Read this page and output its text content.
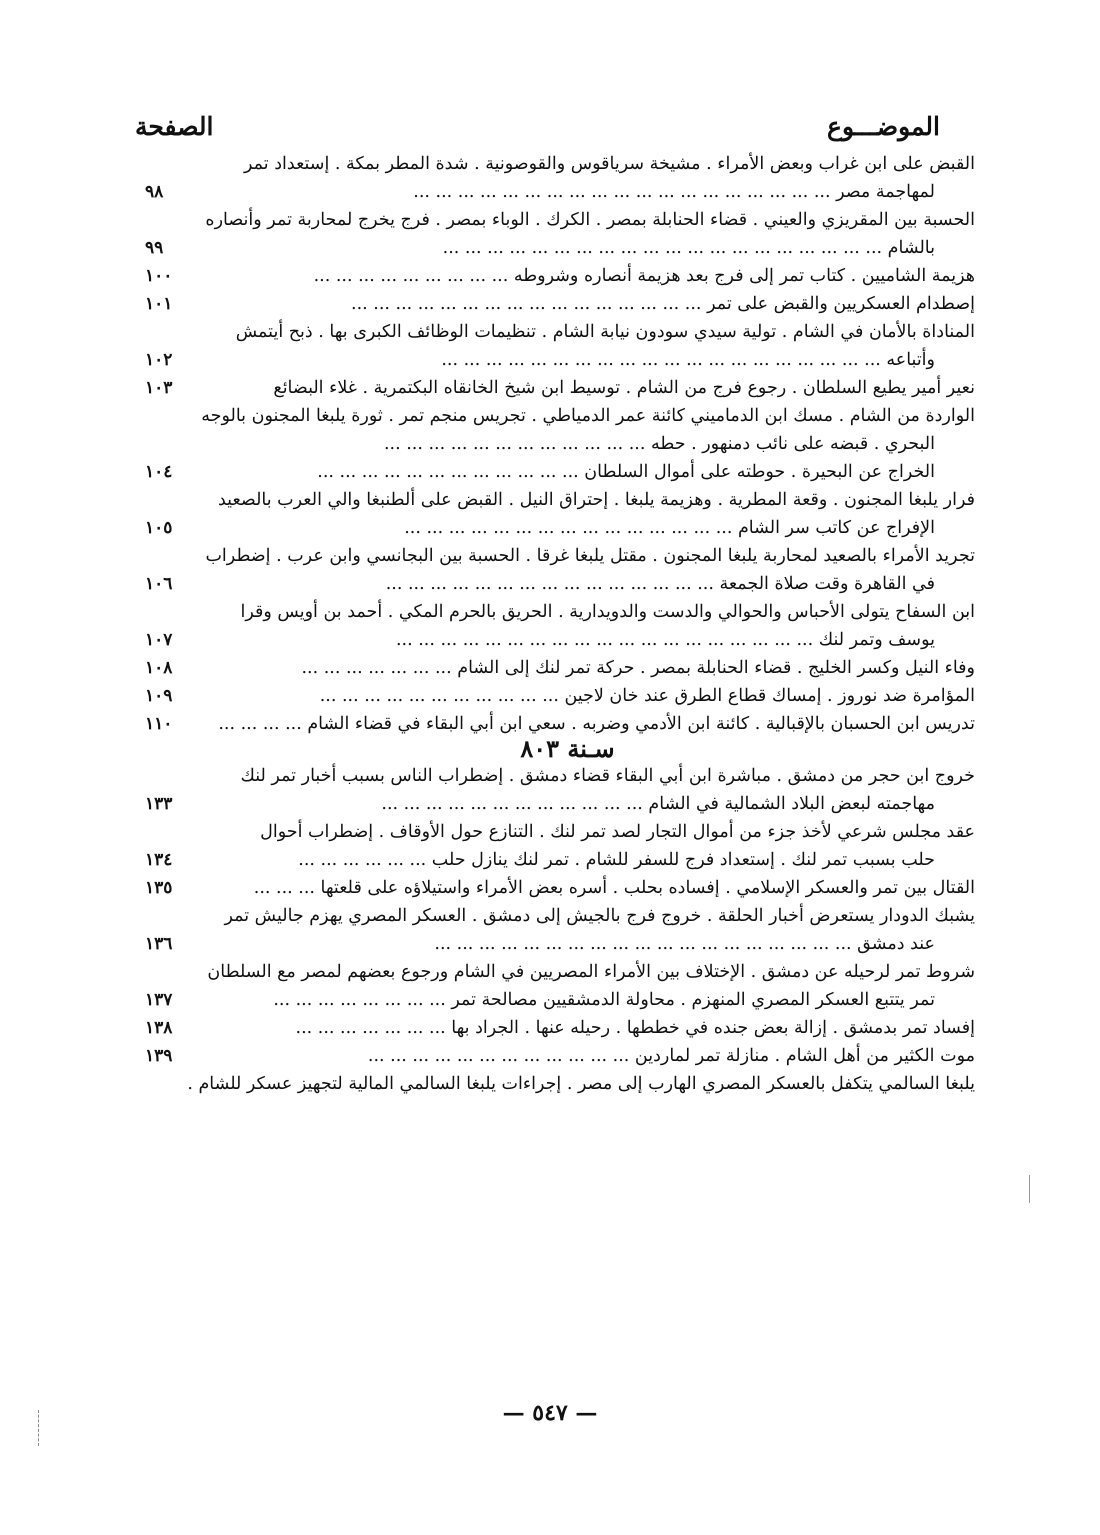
الموضـــوع
الصفحة
القبض على ابن غراب وبعض الأمراء . مشيخة سرياقوس والقوصونية . شدة المطر بمكة . إستعداد تمر
لمهاجمة مصر ... ... ... ... ... ... ... ... ... ... ... ... ... ... ... ... ... ... ...
٩٨
الحسبة بين المقريزي والعيني . قضاء الحنابلة بمصر . الكرك . الوباء بمصر . فرج يخرج لمحاربة تمر وأنصاره
بالشام ... ... ... ... ... ... ... ... ... ... ... ... ... ... ... ... ... ... ... ...
٩٩
هزيمة الشاميين . كتاب تمر إلى فرج بعد هزيمة أنصاره وشروطه ... ... ... ... ... ... ... ... ...
١٠٠
إصطدام العسكريين والقبض على تمر ... ... ... ... ... ... ... ... ... ... ... ... ... ... ... ...
١٠١
المناداة بالأمان في الشام . تولية سيدي سودون نيابة الشام . تنظيمات الوظائف الكبرى بها . ذبح أيتمش
وأتباعه ... ... ... ... ... ... ... ... ... ... ... ... ... ... ... ... ... ... ... ...
١٠٢
نعير أمير يطيع السلطان . رجوع فرج من الشام . توسيط ابن شيخ الخانقاه البكتمرية . غلاء البضائع
١٠٣
الواردة من الشام . مسك ابن الدماميني كائنة عمر الدمياطي . تجريس منجم تمر . ثورة يلبغا المجنون بالوجه
البحري . قبضه على نائب دمنهور . حطه ... ... ... ... ... ... ... ... ... ... ... ...
الخراج عن البحيرة . حوطته على أموال السلطان ... ... ... ... ... ... ... ... ... ... ... ...
١٠٤
فرار يلبغا المجنون . وقعة المطرية . وهزيمة يلبغا . إحتراق النيل . القبض على ألطنبغا والي العرب بالصعيد
الإفراج عن كاتب سر الشام ... ... ... ... ... ... ... ... ... ... ... ... ... ... ...
١٠٥
تجريد الأمراء بالصعيد لمحاربة يلبغا المجنون . مقتل يلبغا غرقا . الحسبة بين البجانسي وابن عرب . إضطراب
في القاهرة وقت صلاة الجمعة ... ... ... ... ... ... ... ... ... ... ... ... ... ... ...
١٠٦
ابن السفاح يتولى الأحباس والحوالي والدست والدويدارية . الحريق بالحرم المكي . أحمد بن أويس وقرا
يوسف وتمر لنك ... ... ... ... ... ... ... ... ... ... ... ... ... ... ... ... ... ... ...
١٠٧
وفاء النيل وكسر الخليج . قضاء الحنابلة بمصر . حركة تمر لنك إلى الشام ... ... ... ... ... ... ...
١٠٨
المؤامرة ضد نوروز . إمساك قطاع الطرق عند خان لاجين ... ... ... ... ... ... ... ... ... ... ...
١٠٩
تدريس ابن الحسبان بالإقبالية . كائنة ابن الأدمي وضربه . سعي ابن أبي البقاء في قضاء الشام ... ... ... ...
١١٠
سـنة ٨٠٣
خروج ابن حجر من دمشق . مباشرة ابن أبي البقاء قضاء دمشق . إضطراب الناس بسبب أخبار تمر لنك
مهاجمته لبعض البلاد الشمالية في الشام ... ... ... ... ... ... ... ... ... ... ... ...
١٣٣
عقد مجلس شرعي لأخذ جزء من أموال التجار لصد تمر لنك . التنازع حول الأوقاف . إضطراب أحوال
حلب بسبب تمر لنك . إستعداد فرج للسفر للشام . تمر لنك ينازل حلب ... ... ... ... ... ...
١٣٤
القتال بين تمر والعسكر الإسلامي . إفساده بحلب . أسره بعض الأمراء واستيلاؤه على قلعتها ... ... ...
١٣٥
يشبك الدودار يستعرض أخبار الحلقة . خروج فرج بالجيش إلى دمشق . العسكر المصري يهزم جاليش تمر
عند دمشق ... ... ... ... ... ... ... ... ... ... ... ... ... ... ... ... ... ... ...
١٣٦
شروط تمر لرحيله عن دمشق . الإختلاف بين الأمراء المصريين في الشام ورجوع بعضهم لمصر مع السلطان
تمر يتتبع العسكر المصري المنهزم . محاولة الدمشقيين مصالحة تمر ... ... ... ... ... ... ... ...
١٣٧
إفساد تمر بدمشق . إزالة بعض جنده في خططها . رحيله عنها . الجراد بها ... ... ... ... ... ... ...
١٣٨
موت الكثير من أهل الشام . منازلة تمر لماردين ... ... ... ... ... ... ... ... ... ... ... ...
١٣٩
يلبغا السالمي يتكفل بالعسكر المصري الهارب إلى مصر . إجراءات يلبغا السالمي المالية لتجهيز عسكر للشام .
— ٥٤٧ —
